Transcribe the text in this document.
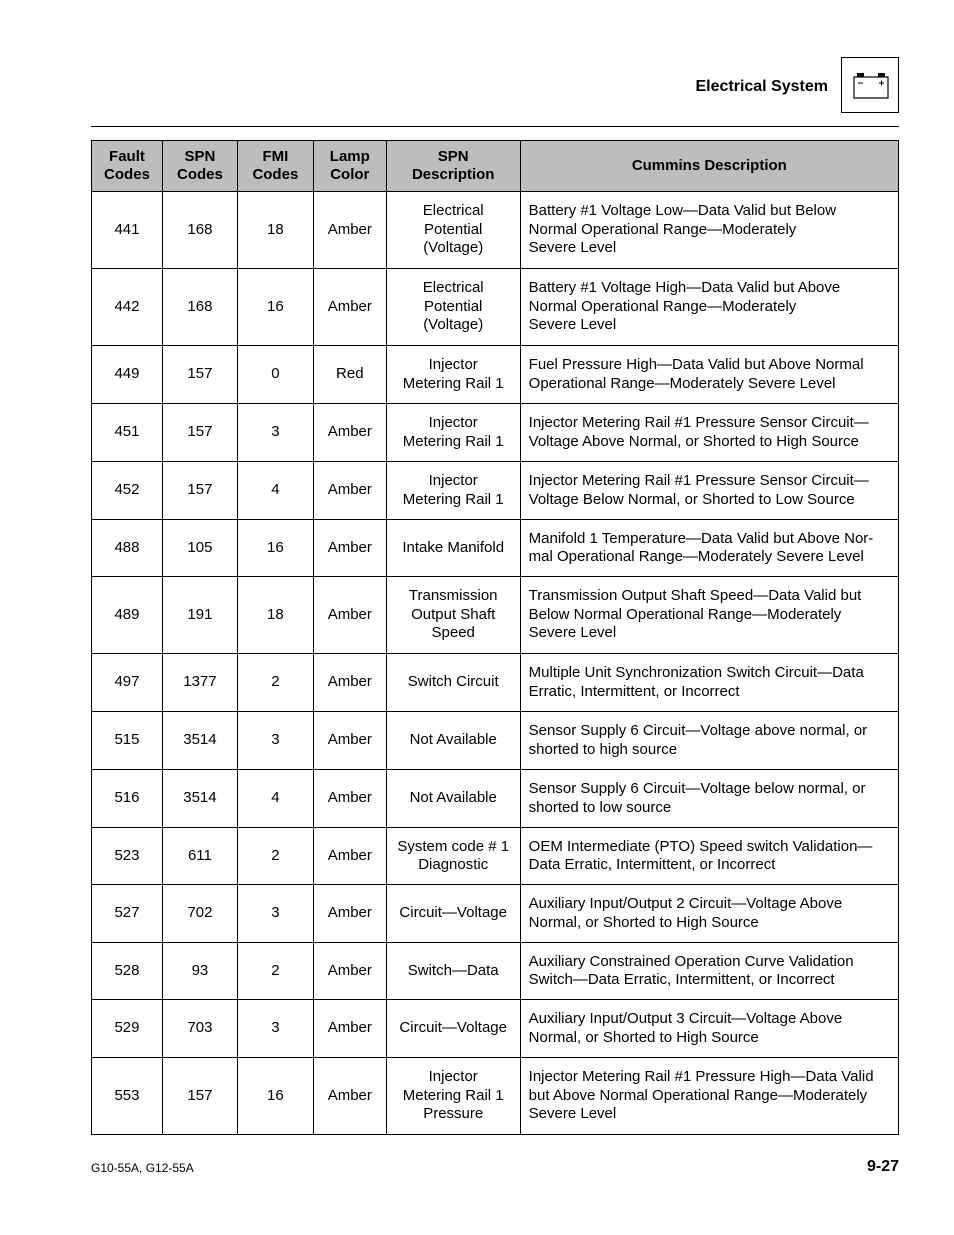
Electrical System
Fault
Codes	SPN
Codes	FMI
Codes	Lamp
Color	SPN
Description	Cummins Description
441	168	18	Amber	Electrical
Potential
(Voltage)	Battery #1 Voltage Low—Data Valid but Below
Normal Operational Range—Moderately
Severe Level
442	168	16	Amber	Electrical
Potential
(Voltage)	Battery #1 Voltage High—Data Valid but Above
Normal Operational Range—Moderately
Severe Level
449	157	0	Red	Injector
Metering Rail 1	Fuel Pressure High—Data Valid but Above Normal
Operational Range—Moderately Severe Level
451	157	3	Amber	Injector
Metering Rail 1	Injector Metering Rail #1 Pressure Sensor Circuit—
Voltage Above Normal, or Shorted to High Source
452	157	4	Amber	Injector
Metering Rail 1	Injector Metering Rail #1 Pressure Sensor Circuit—
Voltage Below Normal, or Shorted to Low Source
488	105	16	Amber	Intake Manifold	Manifold 1 Temperature—Data Valid but Above Nor-
mal Operational Range—Moderately Severe Level
489	191	18	Amber	Transmission
Output Shaft
Speed	Transmission Output Shaft Speed—Data Valid but
Below Normal Operational Range—Moderately
Severe Level
497	1377	2	Amber	Switch Circuit	Multiple Unit Synchronization Switch Circuit—Data
Erratic, Intermittent, or Incorrect
515	3514	3	Amber	Not Available	Sensor Supply 6 Circuit—Voltage above normal, or
shorted to high source
516	3514	4	Amber	Not Available	Sensor Supply 6 Circuit—Voltage below normal, or
shorted to low source
523	611	2	Amber	System code # 1
Diagnostic	OEM Intermediate (PTO) Speed switch Validation—
Data Erratic, Intermittent, or Incorrect
527	702	3	Amber	Circuit—Voltage	Auxiliary Input/Output 2 Circuit—Voltage Above
Normal, or Shorted to High Source
528	93	2	Amber	Switch—Data	Auxiliary Constrained Operation Curve Validation
Switch—Data Erratic, Intermittent, or Incorrect
529	703	3	Amber	Circuit—Voltage	Auxiliary Input/Output 3 Circuit—Voltage Above
Normal, or Shorted to High Source
553	157	16	Amber	Injector
Metering Rail 1
Pressure	Injector Metering Rail #1 Pressure High—Data Valid
but Above Normal Operational Range—Moderately
Severe Level
G10-55A, G12-55A	9-27
